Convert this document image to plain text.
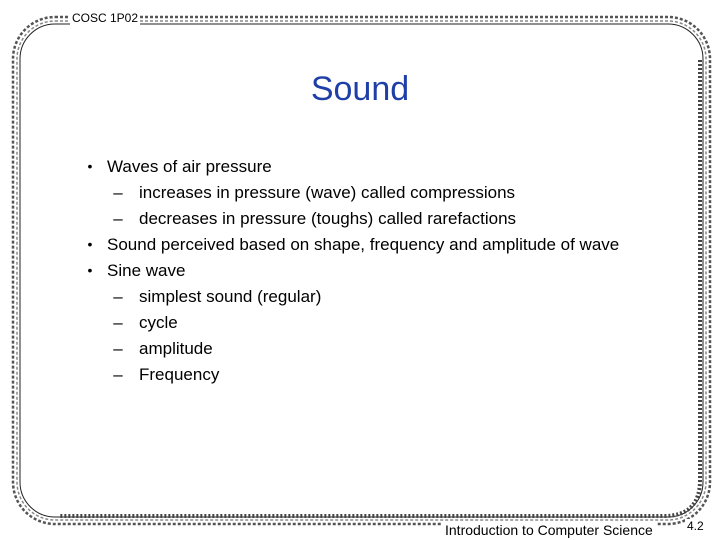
COSC 1P02
Sound
• Waves of air pressure
– increases in pressure (wave) called compressions
– decreases in pressure (toughs) called rarefactions
• Sound perceived based on shape, frequency and amplitude of wave
• Sine wave
– simplest sound (regular)
– cycle
– amplitude
– Frequency
Introduction to Computer Science	4.2
